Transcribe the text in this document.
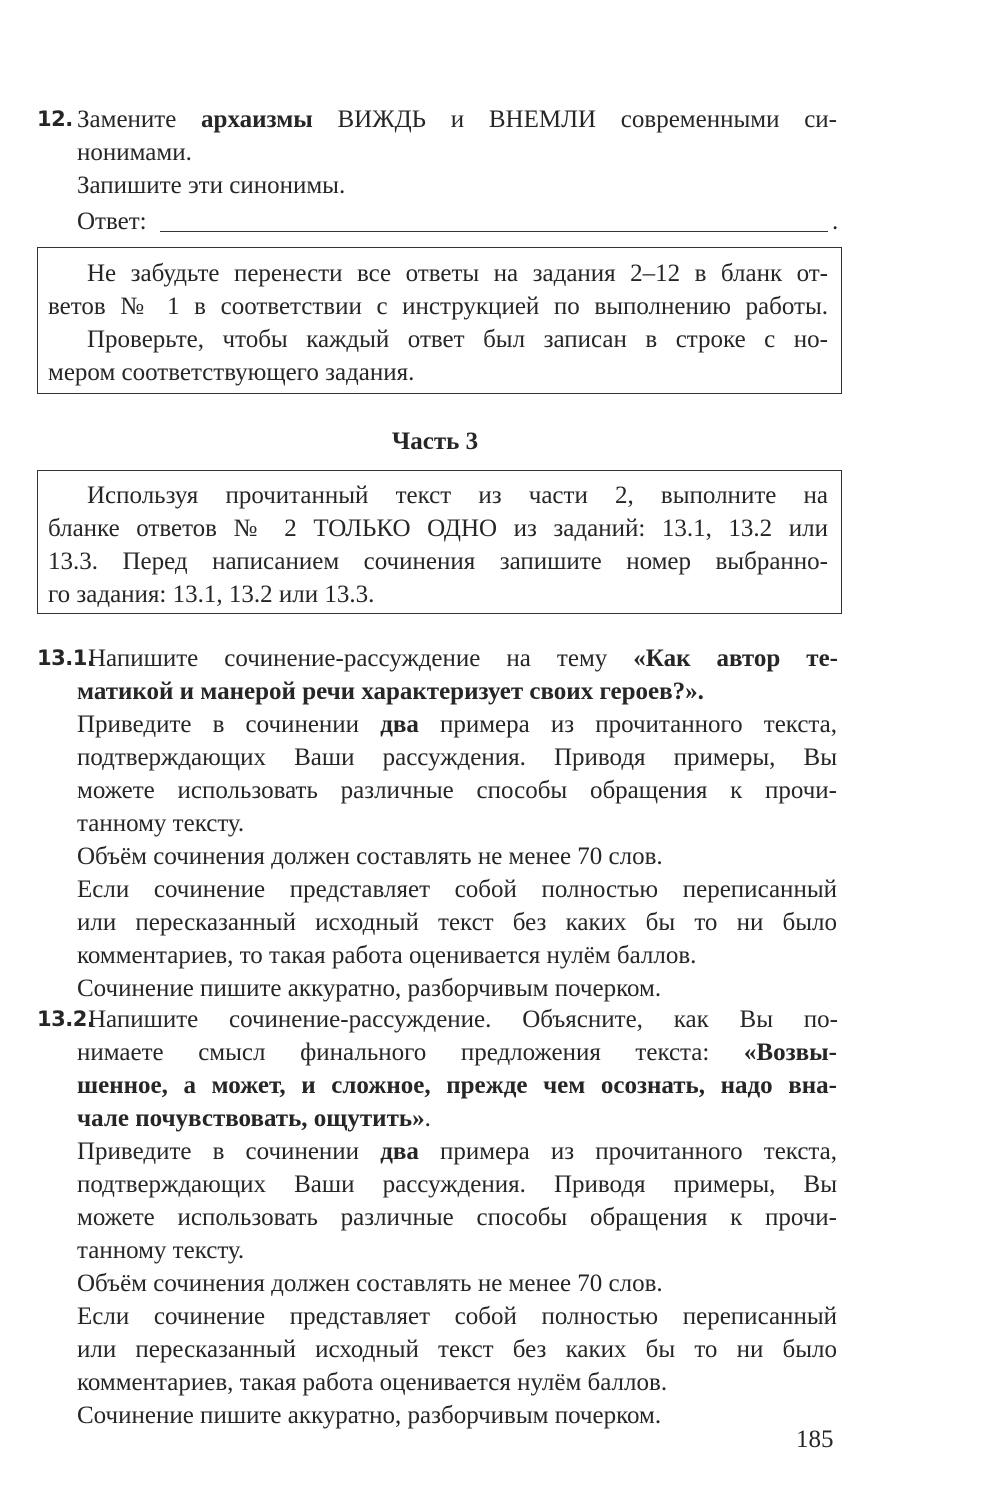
12. Замените архаизмы ВИЖДЬ и ВНЕМЛИ современными си-
нонимами.
Запишите эти синонимы.
Ответ:	.
Не забудьте перенести все ответы на задания 2–12 в бланк от-
ветов № 1 в соответствии с инструкцией по выполнению работы.
Проверьте, чтобы каждый ответ был записан в строке с но-
мером соответствующего задания.
Часть 3
Используя прочитанный текст из части 2, выполните на
бланке ответов № 2 ТОЛЬКО ОДНО из заданий: 13.1, 13.2 или
13.3. Перед написанием сочинения запишите номер выбранно-
го задания: 13.1, 13.2 или 13.3.
13.1.
Напишите сочинение-рассуждение на тему «Как автор те-
матикой и манерой речи характеризует своих героев?».
Приведите в сочинении два примера из прочитанного текста,
подтверждающих Ваши рассуждения. Приводя примеры, Вы
можете использовать различные способы обращения к прочи-
танному тексту.
Объём сочинения должен составлять не менее 70 слов.
Если сочинение представляет собой полностью переписанный
или пересказанный исходный текст без каких бы то ни было
комментариев, то такая работа оценивается нулём баллов.
Сочинение пишите аккуратно, разборчивым почерком.
13.2.
Напишите сочинение-рассуждение. Объясните, как Вы по-
нимаете смысл финального предложения текста: «Возвы-
шенное, а может, и сложное, прежде чем осознать, надо вна-
чале почувствовать, ощутить».
Приведите в сочинении два примера из прочитанного текста,
подтверждающих Ваши рассуждения. Приводя примеры, Вы
можете использовать различные способы обращения к прочи-
танному тексту.
Объём сочинения должен составлять не менее 70 слов.
Если сочинение представляет собой полностью переписанный
или пересказанный исходный текст без каких бы то ни было
комментариев, такая работа оценивается нулём баллов.
Сочинение пишите аккуратно, разборчивым почерком.
185
